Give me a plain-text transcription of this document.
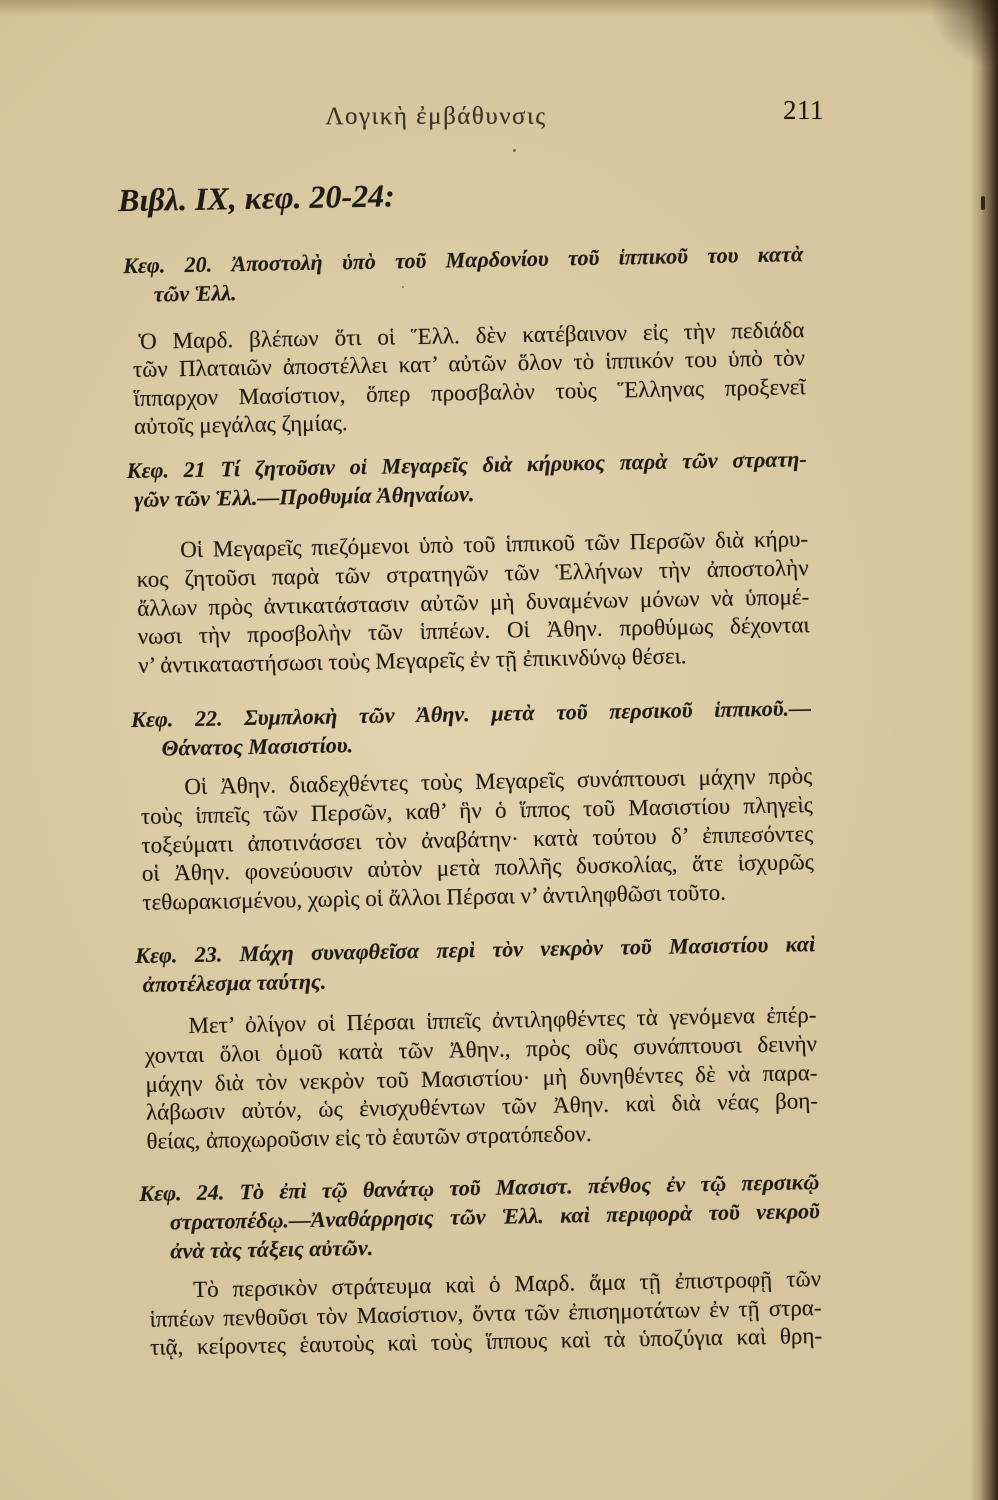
Λογικὴ ἐμβάθυνσις	211
Βιβλ. IX, κεφ. 20-24:
Κεφ. 20. Ἀποστολὴ ὑπὸ τοῦ Μαρδονίου τοῦ ἱππικοῦ του κατὰ
τῶν Ἑλλ.
Ὁ Μαρδ. βλέπων ὅτι οἱ Ἕλλ. δὲν κατέβαινον εἰς τὴν πεδιάδα
τῶν Πλαταιῶν ἀποστέλλει κατ’ αὐτῶν ὅλον τὸ ἱππικόν του ὑπὸ τὸν
ἵππαρχον Μασίστιον, ὅπερ προσβαλὸν τοὺς Ἕλληνας προξενεῖ
αὐτοῖς μεγάλας ζημίας.
Κεφ. 21 Τί ζητοῦσιν οἱ Μεγαρεῖς διὰ κήρυκος παρὰ τῶν στρατη-
γῶν τῶν Ἑλλ.—Προθυμία Ἀθηναίων.
Οἱ Μεγαρεῖς πιεζόμενοι ὑπὸ τοῦ ἱππικοῦ τῶν Περσῶν διὰ κήρυ-
κος ζητοῦσι παρὰ τῶν στρατηγῶν τῶν Ἑλλήνων τὴν ἀποστολὴν
ἄλλων πρὸς ἀντικατάστασιν αὐτῶν μὴ δυναμένων μόνων νὰ ὑπομέ-
νωσι τὴν προσβολὴν τῶν ἱππέων. Οἱ Ἀθην. προθύμως δέχονται
ν’ ἀντικαταστήσωσι τοὺς Μεγαρεῖς ἐν τῇ ἐπικινδύνῳ θέσει.
Κεφ. 22. Συμπλοκὴ τῶν Ἀθην. μετὰ τοῦ περσικοῦ ἱππικοῦ.—
Θάνατος Μασιστίου.
Οἱ Ἀθην. διαδεχθέντες τοὺς Μεγαρεῖς συνάπτουσι μάχην πρὸς
τοὺς ἱππεῖς τῶν Περσῶν, καθ’ ἣν ὁ ἵππος τοῦ Μασιστίου πληγεὶς
τοξεύματι ἀποτινάσσει τὸν ἀναβάτην· κατὰ τούτου δ’ ἐπιπεσόντες
οἱ Ἀθην. φονεύουσιν αὐτὸν μετὰ πολλῆς δυσκολίας, ἅτε ἰσχυρῶς
τεθωρακισμένου, χωρὶς οἱ ἄλλοι Πέρσαι ν’ ἀντιληφθῶσι τοῦτο.
Κεφ. 23. Μάχη συναφθεῖσα περὶ τὸν νεκρὸν τοῦ Μασιστίου καὶ
ἀποτέλεσμα ταύτης.
Μετ’ ὀλίγον οἱ Πέρσαι ἱππεῖς ἀντιληφθέντες τὰ γενόμενα ἐπέρ-
χονται ὅλοι ὁμοῦ κατὰ τῶν Ἀθην., πρὸς οὓς συνάπτουσι δεινὴν
μάχην διὰ τὸν νεκρὸν τοῦ Μασιστίου· μὴ δυνηθέντες δὲ νὰ παρα-
λάβωσιν αὐτόν, ὡς ἐνισχυθέντων τῶν Ἀθην. καὶ διὰ νέας βοη-
θείας, ἀποχωροῦσιν εἰς τὸ ἑαυτῶν στρατόπεδον.
Κεφ. 24. Τὸ ἐπὶ τῷ θανάτῳ τοῦ Μασιστ. πένθος ἐν τῷ περσικῷ
στρατοπέδῳ.—Ἀναθάρρησις τῶν Ἑλλ. καὶ περιφορὰ τοῦ νεκροῦ
ἀνὰ τὰς τάξεις αὐτῶν.
Τὸ περσικὸν στράτευμα καὶ ὁ Μαρδ. ἅμα τῇ ἐπιστροφῇ τῶν
ἱππέων πενθοῦσι τὸν Μασίστιον, ὄντα τῶν ἐπισημοτάτων ἐν τῇ στρα-
τιᾷ, κείροντες ἑαυτοὺς καὶ τοὺς ἵππους καὶ τὰ ὑποζύγια καὶ θρη-
